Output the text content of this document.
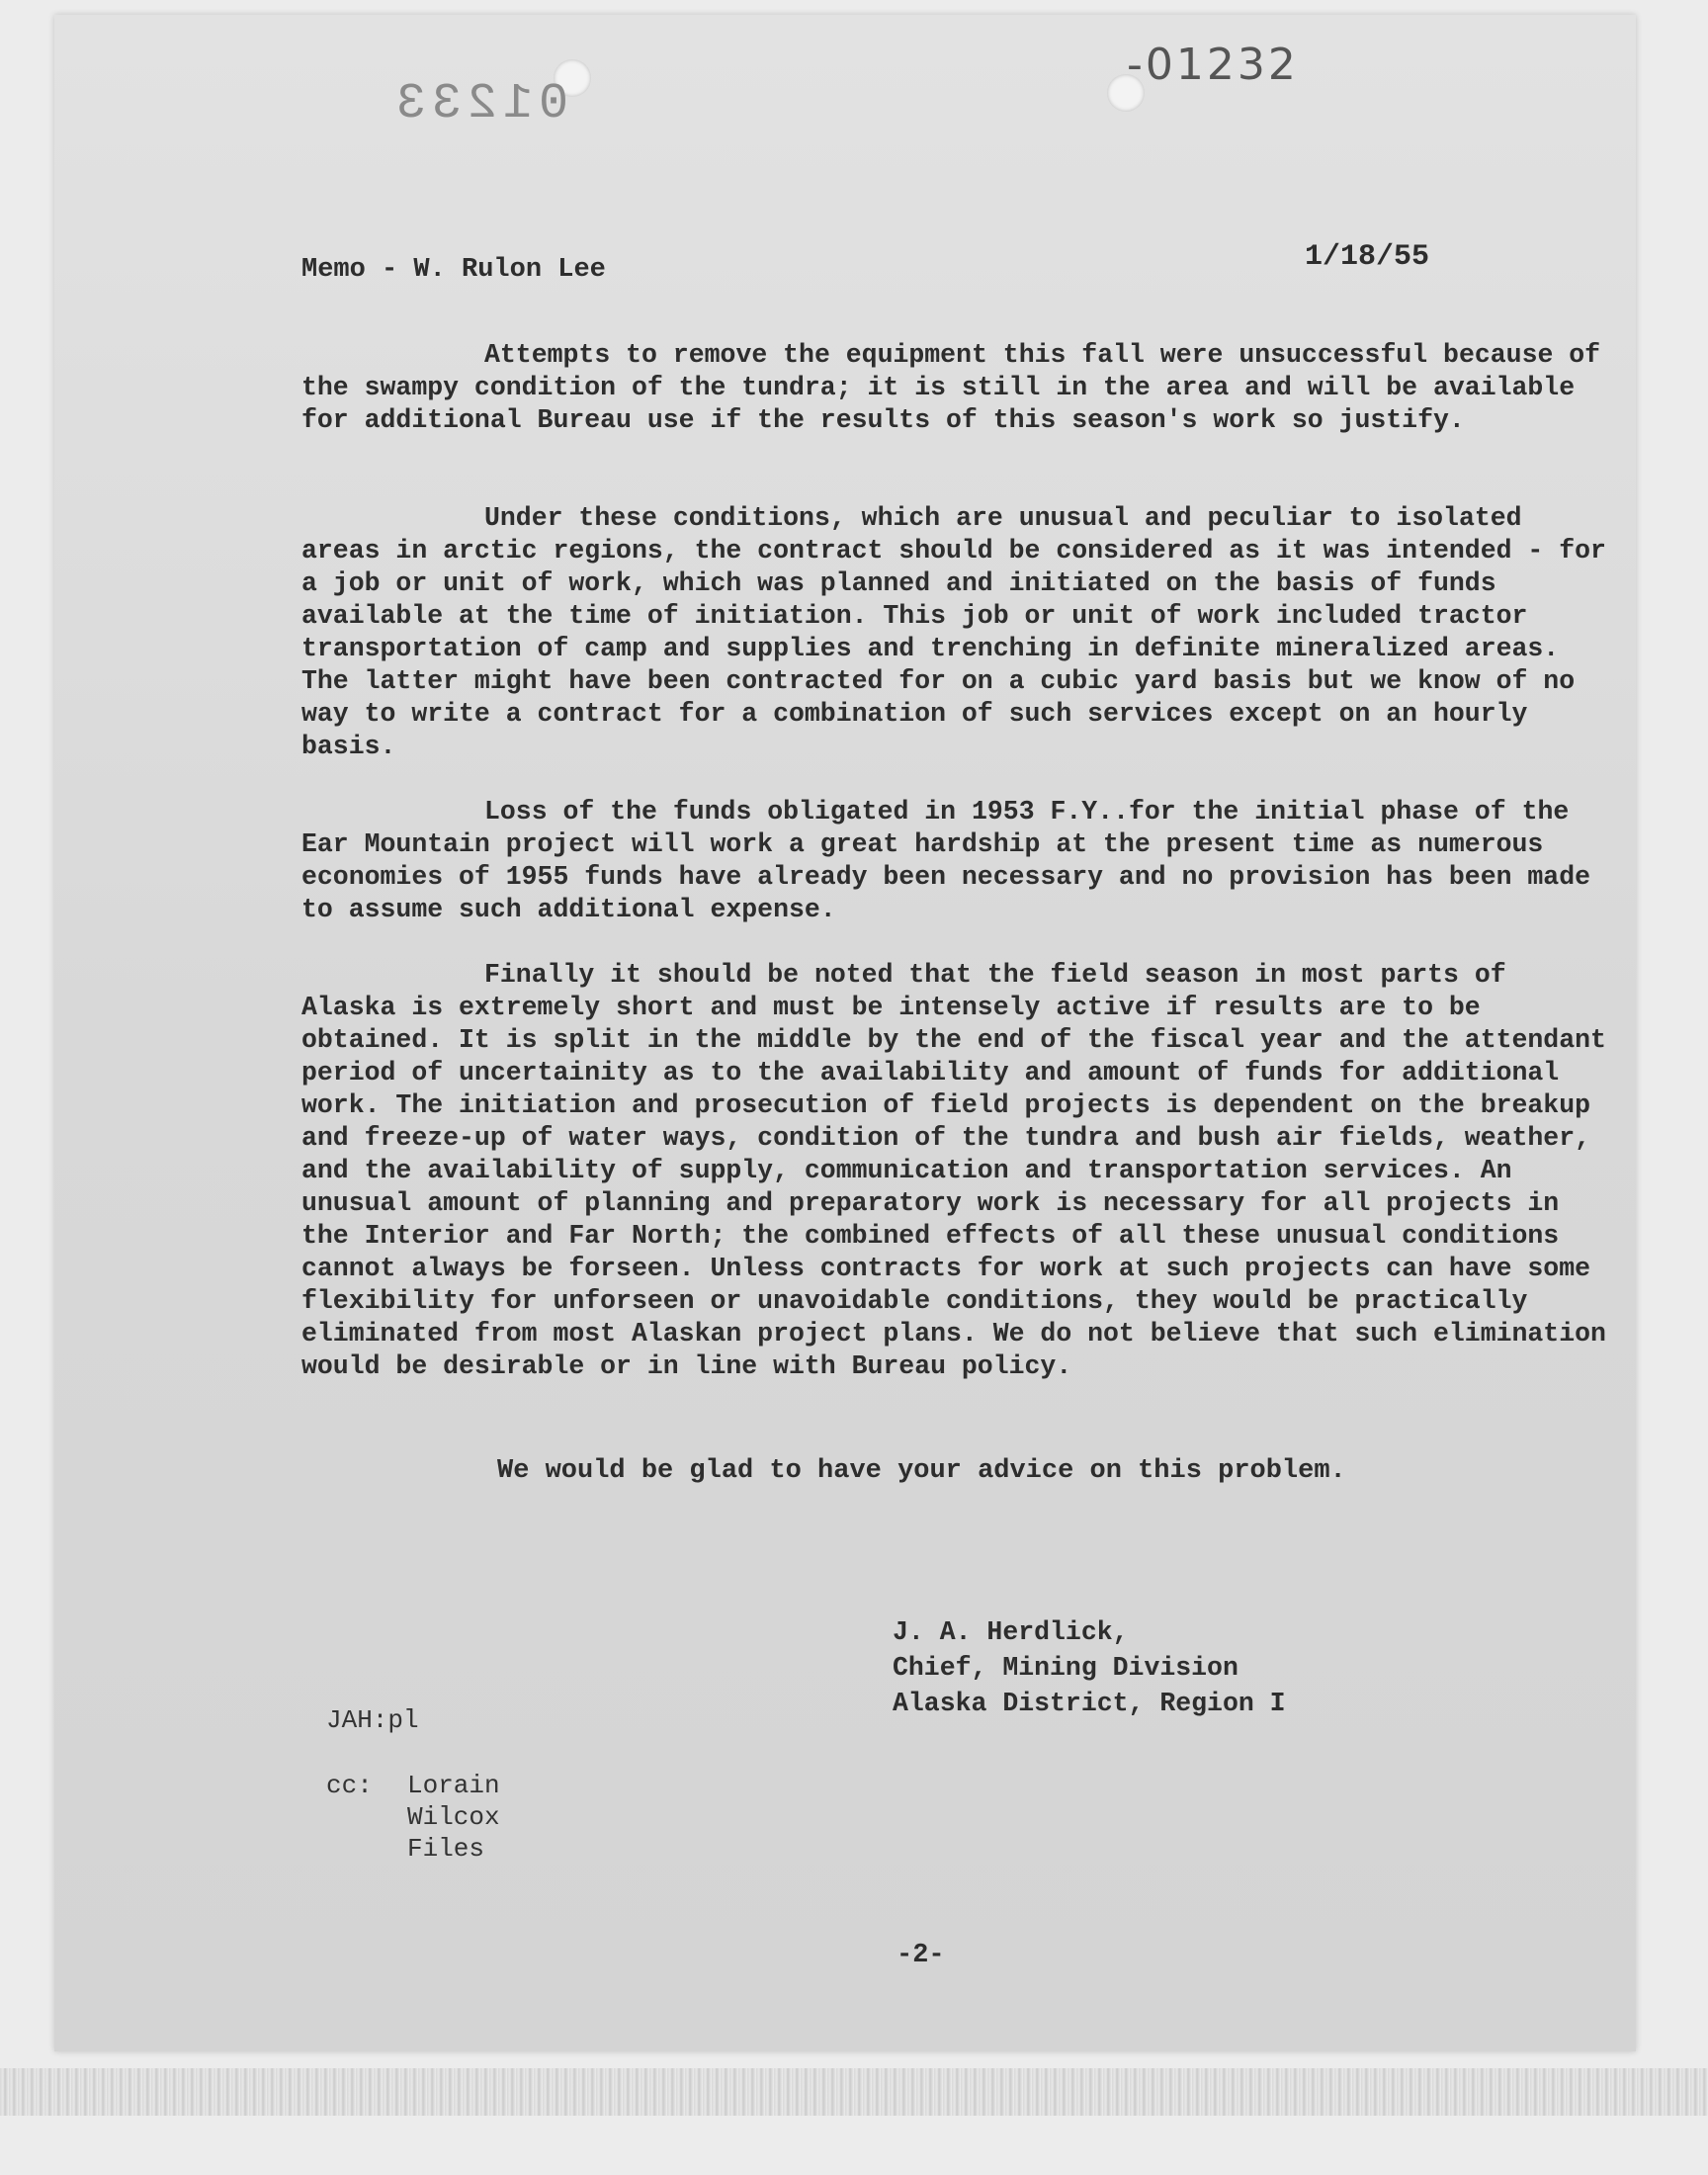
01233
-01232
Memo - W. Rulon Lee	1/18/55

Attempts to remove the equipment this fall were unsuccessful because of the swampy condition of the tundra; it is still in the area and will be available for additional Bureau use if the results of this season's work so justify.

Under these conditions, which are unusual and peculiar to isolated areas in arctic regions, the contract should be considered as it was intended - for a job or unit of work, which was planned and initiated on the basis of funds available at the time of initiation. This job or unit of work included tractor transportation of camp and supplies and trenching in definite mineralized areas. The latter might have been contracted for on a cubic yard basis but we know of no way to write a contract for a combination of such services except on an hourly basis.

Loss of the funds obligated in 1953 F.Y..for the initial phase of the Ear Mountain project will work a great hardship at the present time as numerous economies of 1955 funds have already been necessary and no provision has been made to assume such additional expense.

Finally it should be noted that the field season in most parts of Alaska is extremely short and must be intensely active if results are to be obtained. It is split in the middle by the end of the fiscal year and the attendant period of uncertainity as to the availability and amount of funds for additional work. The initiation and prosecution of field projects is dependent on the breakup and freeze-up of water ways, condition of the tundra and bush air fields, weather, and the availability of supply, communication and transportation services. An unusual amount of planning and preparatory work is necessary for all projects in the Interior and Far North; the combined effects of all these unusual conditions cannot always be forseen. Unless contracts for work at such projects can have some flexibility for unforseen or unavoidable conditions, they would be practically eliminated from most Alaskan project plans. We do not believe that such elimination would be desirable or in line with Bureau policy.

We would be glad to have your advice on this problem.
J. A. Herdlick,
Chief, Mining Division
Alaska District, Region I
JAH:pl
cc: Lorain
Wilcox
Files
-2-
